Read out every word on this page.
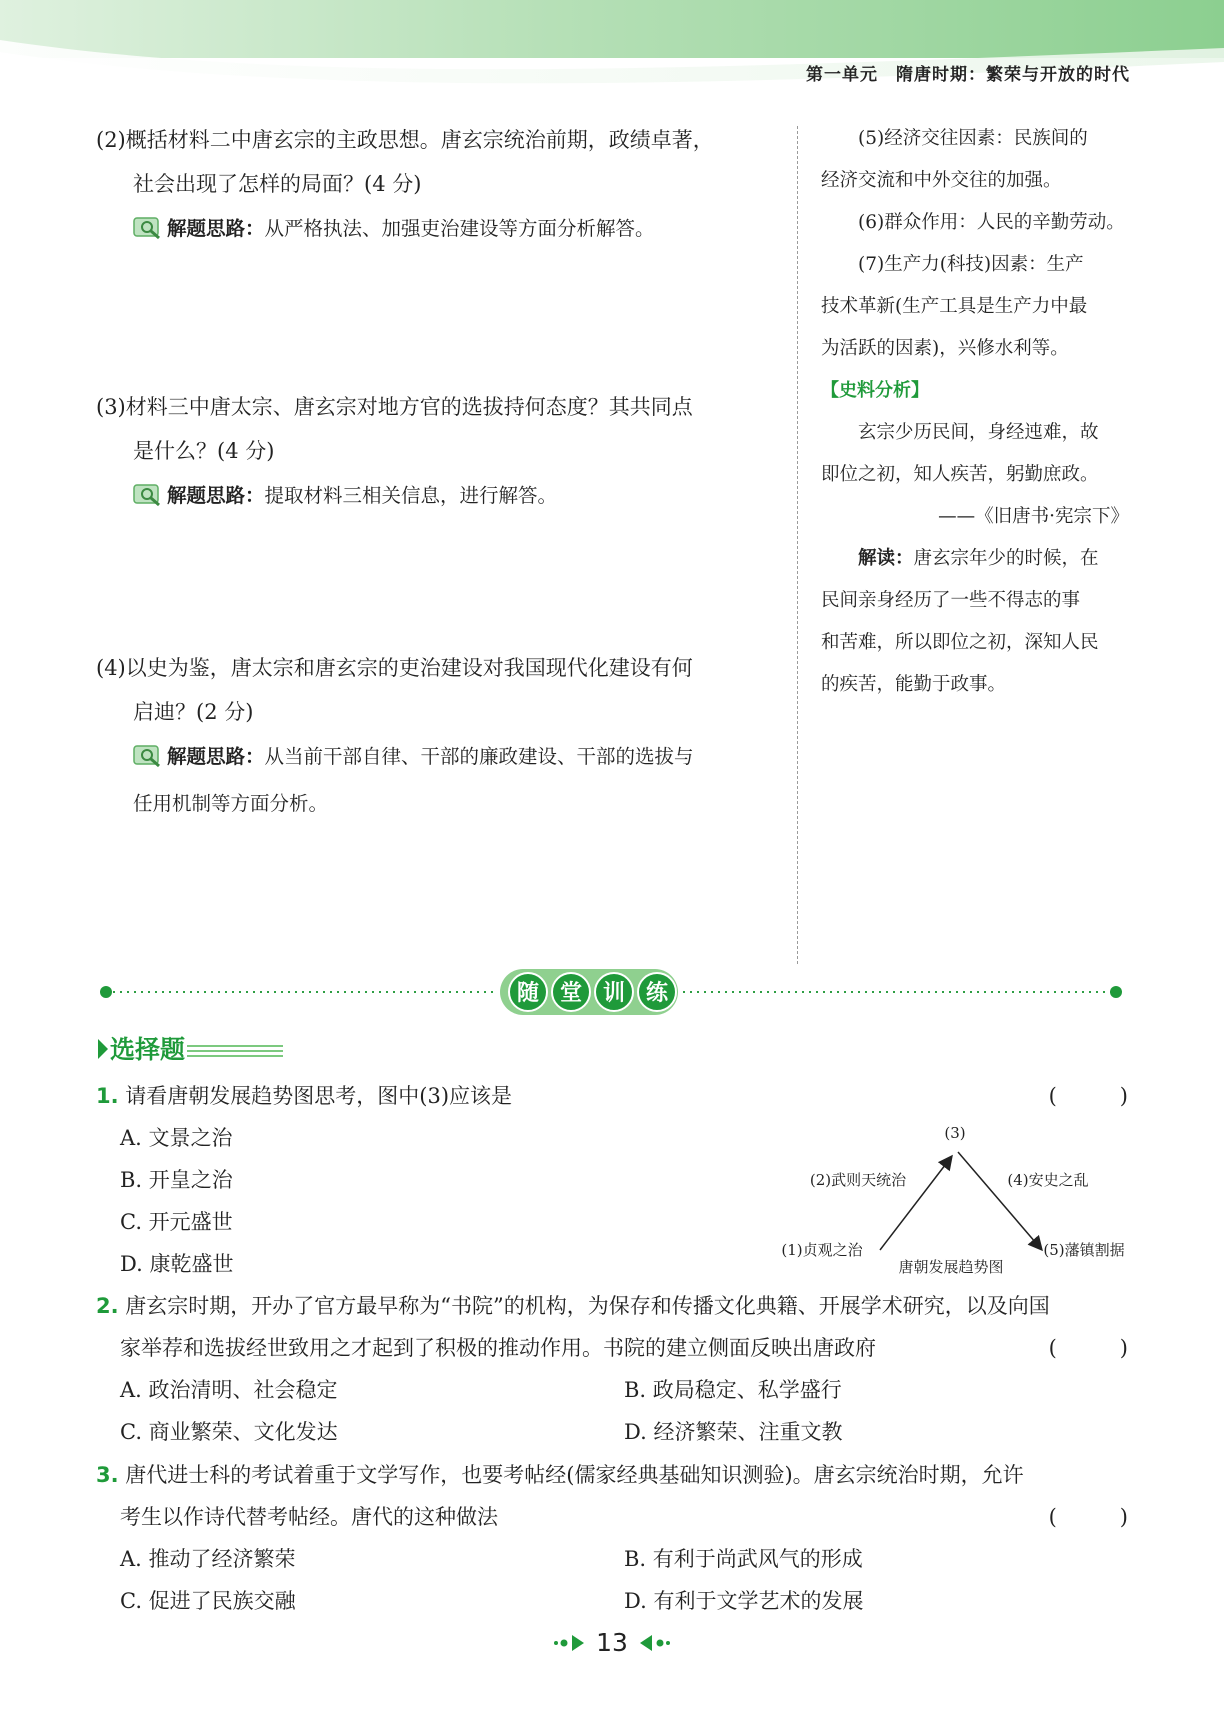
第一单元　隋唐时期：繁荣与开放的时代
(2)概括材料二中唐玄宗的主政思想。唐玄宗统治前期，政绩卓著，
社会出现了怎样的局面？(4 分)
解题思路：从严格执法、加强吏治建设等方面分析解答。
(3)材料三中唐太宗、唐玄宗对地方官的选拔持何态度？其共同点
是什么？(4 分)
解题思路：提取材料三相关信息，进行解答。
(4)以史为鉴，唐太宗和唐玄宗的吏治建设对我国现代化建设有何
启迪？(2 分)
解题思路：从当前干部自律、干部的廉政建设、干部的选拔与
任用机制等方面分析。

(5)经济交往因素：民族间的

经济交流和中外交往的加强。

(6)群众作用：人民的辛勤劳动。

(7)生产力(科技)因素：生产

技术革新(生产工具是生产力中最

为活跃的因素)，兴修水利等。

【史料分析】

玄宗少历民间，身经迍难，故

即位之初，知人疾苦，躬勤庶政。

——《旧唐书·宪宗下》

解读：唐玄宗年少的时候，在

民间亲身经历了一些不得志的事

和苦难，所以即位之初，深知人民

的疾苦，能勤于政事。

随 堂 训 练
选择题
1. 请看唐朝发展趋势图思考，图中(3)应该是	(　　　)
A. 文景之治
B. 开皇之治
C. 开元盛世
D. 康乾盛世
(3)
(2)武则天统治	(4)安史之乱
(1)贞观之治	(5)藩镇割据
唐朝发展趋势图
2. 唐玄宗时期，开办了官方最早称为“书院”的机构，为保存和传播文化典籍、开展学术研究，以及向国
家举荐和选拔经世致用之才起到了积极的推动作用。书院的建立侧面反映出唐政府	(　　　)
A. 政治清明、社会稳定	B. 政局稳定、私学盛行
C. 商业繁荣、文化发达	D. 经济繁荣、注重文教
3. 唐代进士科的考试着重于文学写作，也要考帖经(儒家经典基础知识测验)。唐玄宗统治时期，允许
考生以作诗代替考帖经。唐代的这种做法	(　　　)
A. 推动了经济繁荣	B. 有利于尚武风气的形成
C. 促进了民族交融	D. 有利于文学艺术的发展
13
